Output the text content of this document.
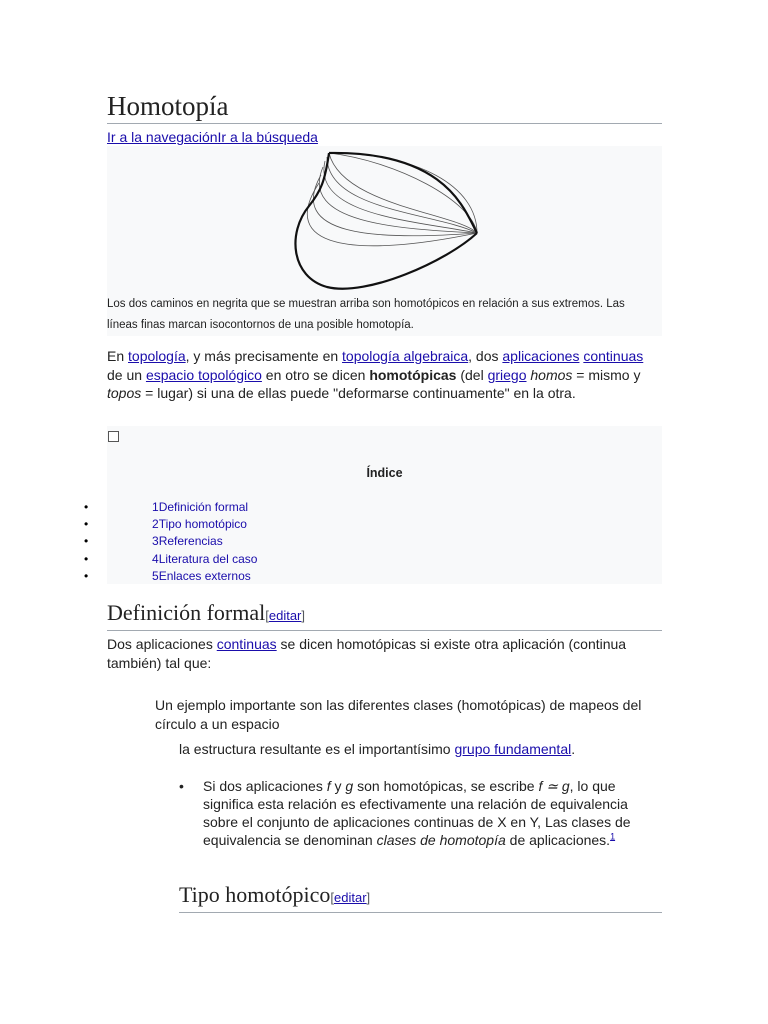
Homotopía
Ir a la navegaciónIr a la búsqueda
Los dos caminos en negrita que se muestran arriba son homotópicos en relación a sus extremos. Las líneas finas marcan isocontornos de una posible homotopía.

En topología, y más precisamente en topología algebraica, dos aplicaciones continuas de un espacio topológico en otro se dicen homotópicas (del griego homos = mismo y topos = lugar) si una de ellas puede "deformarse continuamente" en la otra.

Índice
•	1Definición formal
•	2Tipo homotópico
•	3Referencias
•	4Literatura del caso
•	5Enlaces externos
Definición formal[editar]

Dos aplicaciones continuas se dicen homotópicas si existe otra aplicación (continua también) tal que:

Un ejemplo importante son las diferentes clases (homotópicas) de mapeos del círculo a un espacio

la estructura resultante es el importantísimo grupo fundamental.

• Si dos aplicaciones f y g son homotópicas, se escribe f ≃ g, lo que significa esta relación es efectivamente una relación de equivalencia sobre el conjunto de aplicaciones continuas de X en Y, Las clases de equivalencia se denominan clases de homotopía de aplicaciones.$^1$
Tipo homotópico[editar]
